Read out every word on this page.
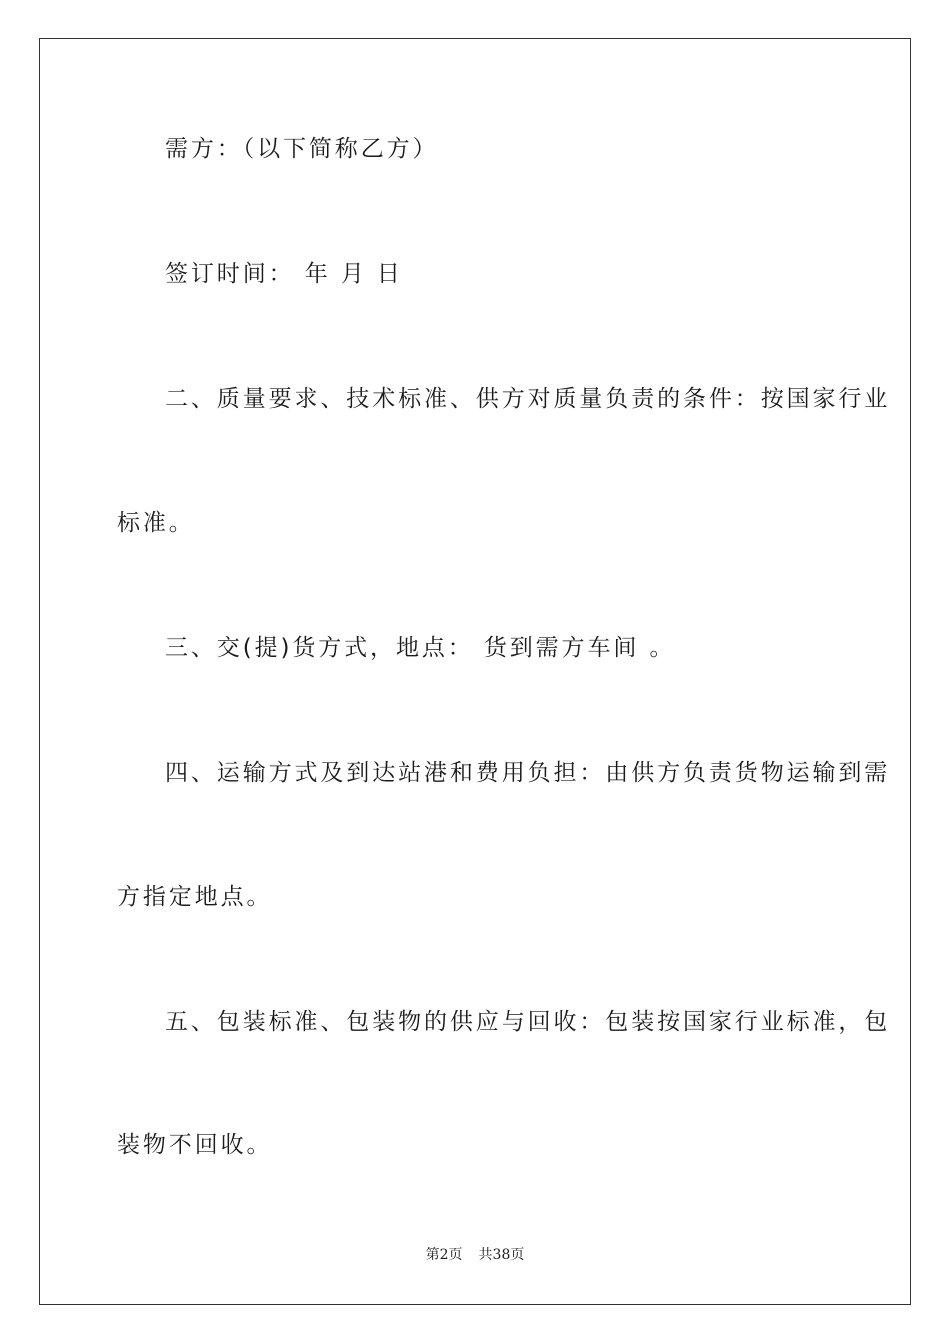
需方：（以下简称乙方）
签订时间： 年 月 日
二、质量要求、技术标准、供方对质量负责的条件：按国家行业
标准。
三、交(提)货方式，地点： 货到需方车间 。
四、运输方式及到达站港和费用负担：由供方负责货物运输到需
方指定地点。
五、包装标准、包装物的供应与回收：包装按国家行业标准，包
装物不回收。
第2页 共38页
